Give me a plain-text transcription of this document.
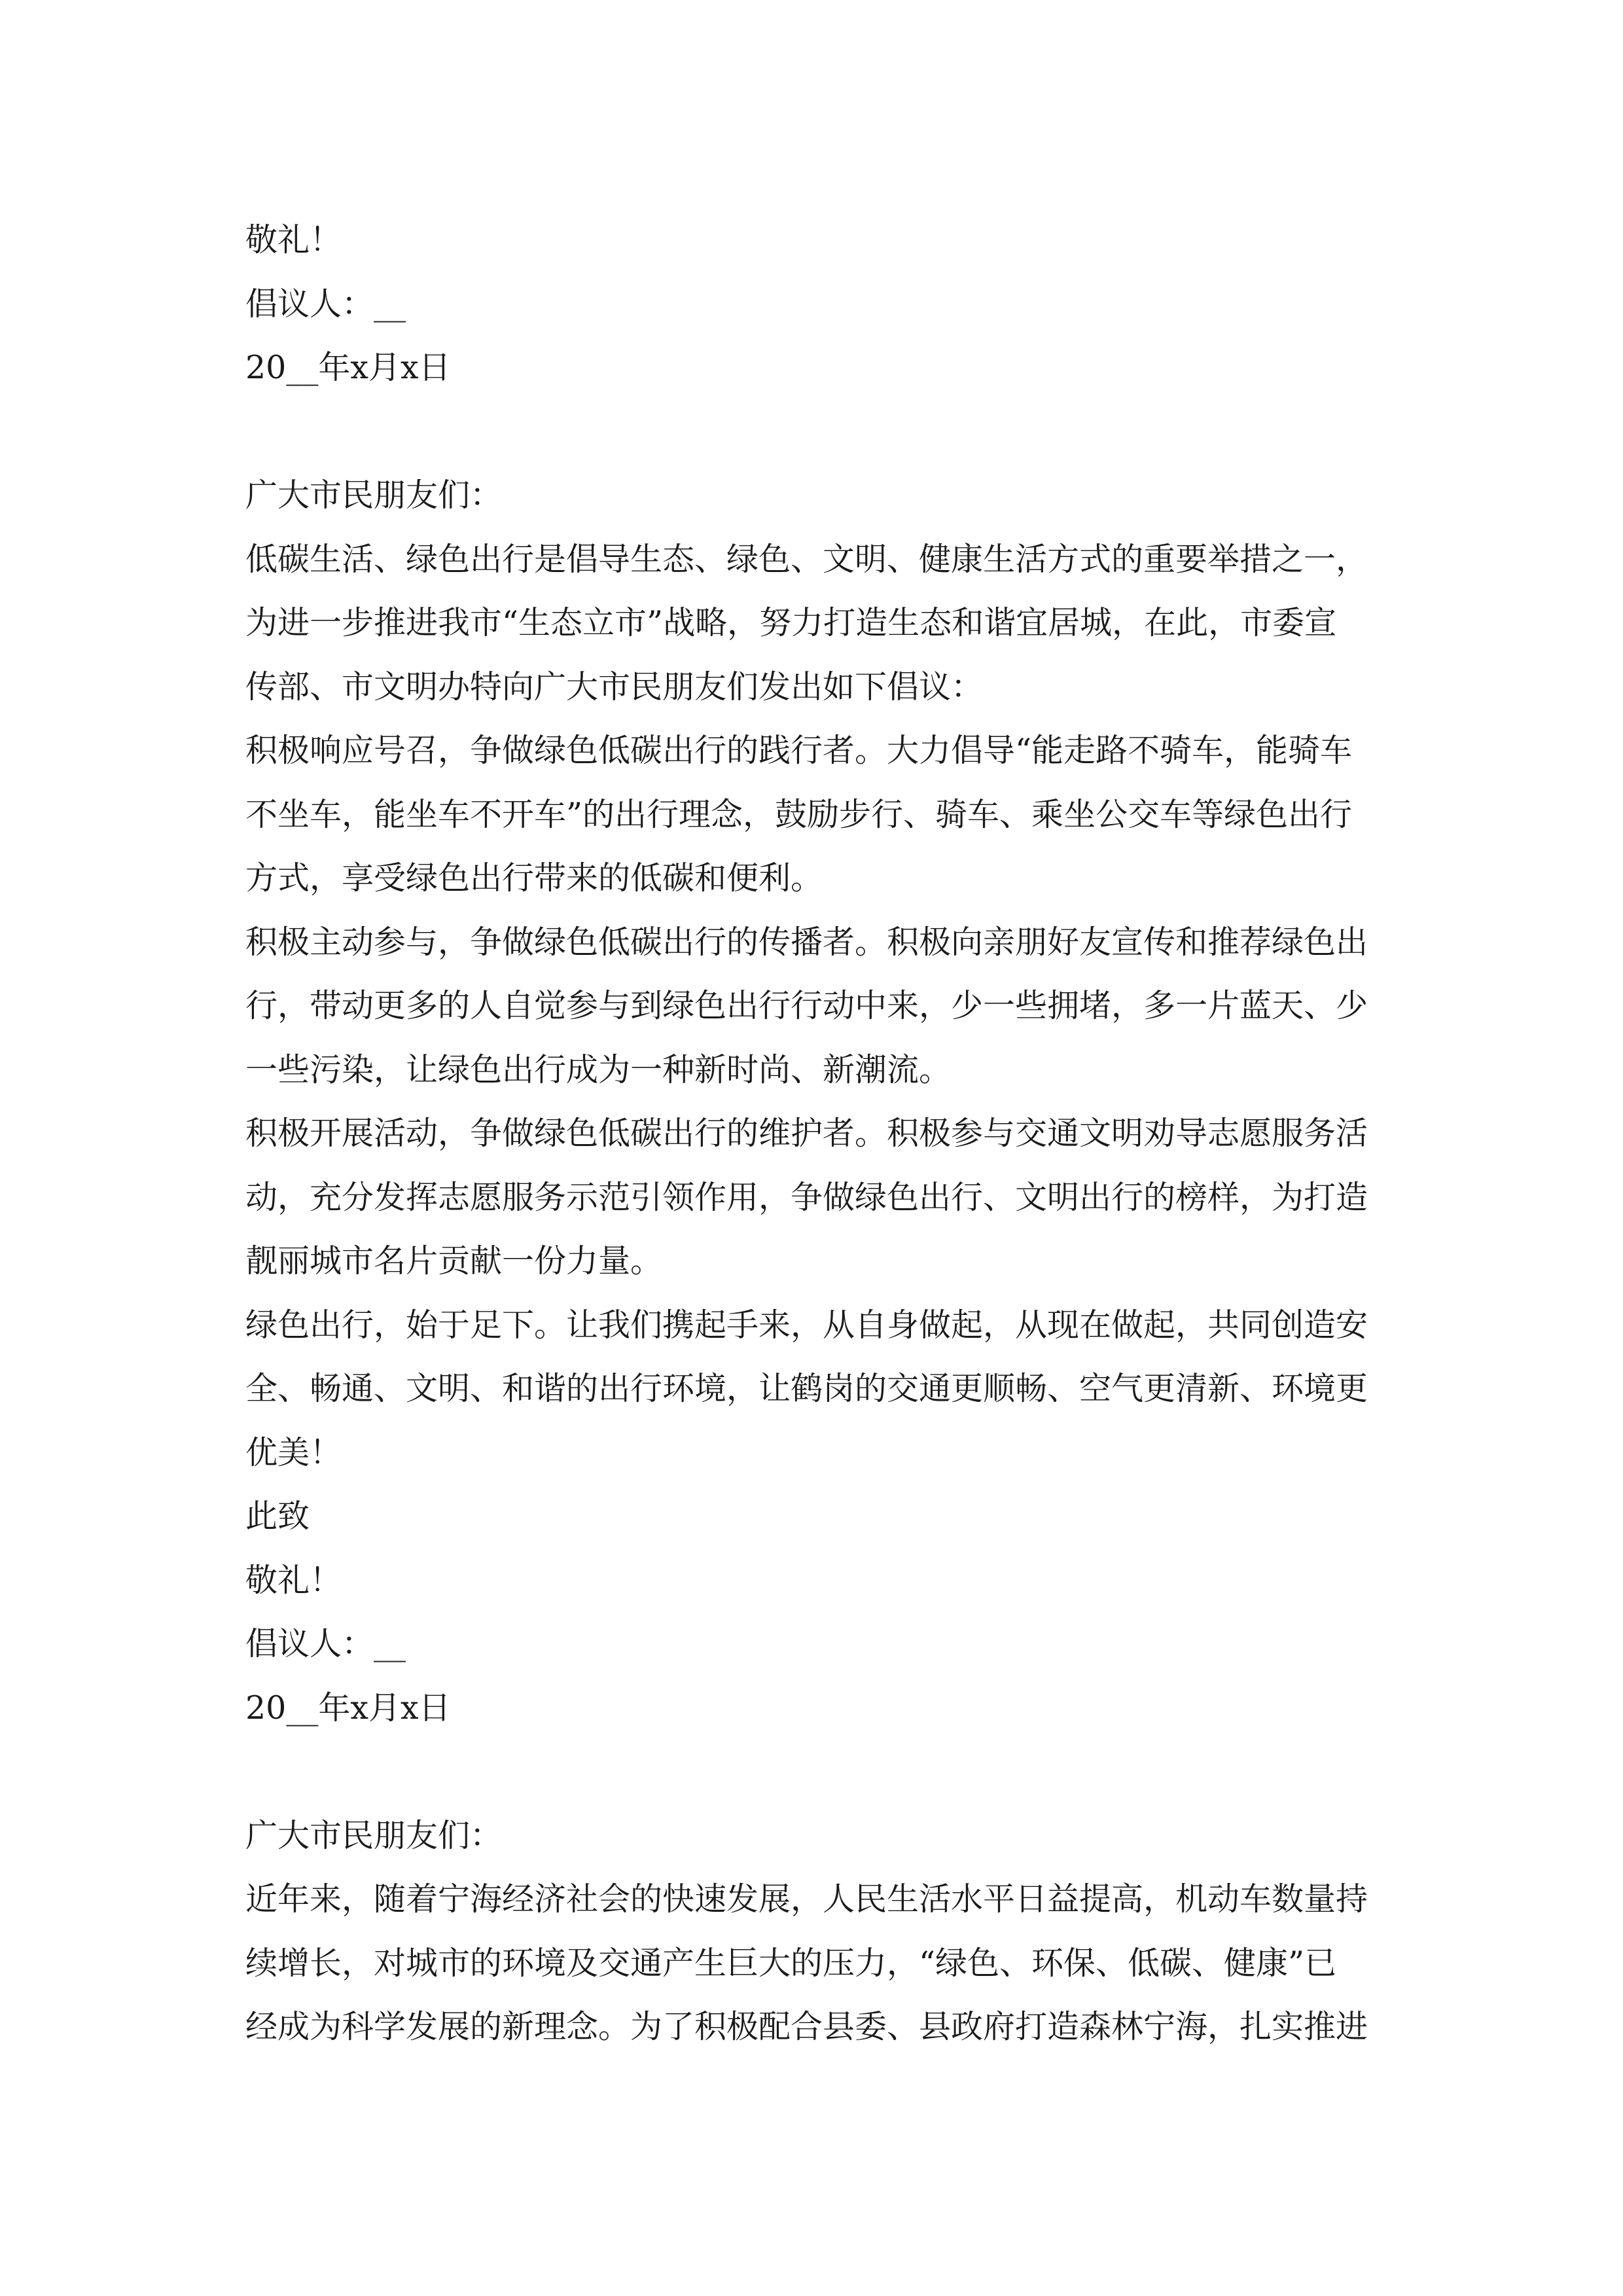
敬礼！
倡议人：__
20__年x月x日
广大市民朋友们：
低碳生活、绿色出行是倡导生态、绿色、文明、健康生活方式的重要举措之一，
为进一步推进我市“生态立市”战略，努力打造生态和谐宜居城，在此，市委宣
传部、市文明办特向广大市民朋友们发出如下倡议：
积极响应号召，争做绿色低碳出行的践行者。大力倡导“能走路不骑车，能骑车
不坐车，能坐车不开车”的出行理念，鼓励步行、骑车、乘坐公交车等绿色出行
方式，享受绿色出行带来的低碳和便利。
积极主动参与，争做绿色低碳出行的传播者。积极向亲朋好友宣传和推荐绿色出
行，带动更多的人自觉参与到绿色出行行动中来，少一些拥堵，多一片蓝天、少
一些污染，让绿色出行成为一种新时尚、新潮流。
积极开展活动，争做绿色低碳出行的维护者。积极参与交通文明劝导志愿服务活
动，充分发挥志愿服务示范引领作用，争做绿色出行、文明出行的榜样，为打造
靓丽城市名片贡献一份力量。
绿色出行，始于足下。让我们携起手来，从自身做起，从现在做起，共同创造安
全、畅通、文明、和谐的出行环境，让鹤岗的交通更顺畅、空气更清新、环境更
优美！
此致
敬礼！
倡议人：__
20__年x月x日
广大市民朋友们：
近年来，随着宁海经济社会的快速发展，人民生活水平日益提高，机动车数量持
续增长，对城市的环境及交通产生巨大的压力，“绿色、环保、低碳、健康”已
经成为科学发展的新理念。为了积极配合县委、县政府打造森林宁海，扎实推进
